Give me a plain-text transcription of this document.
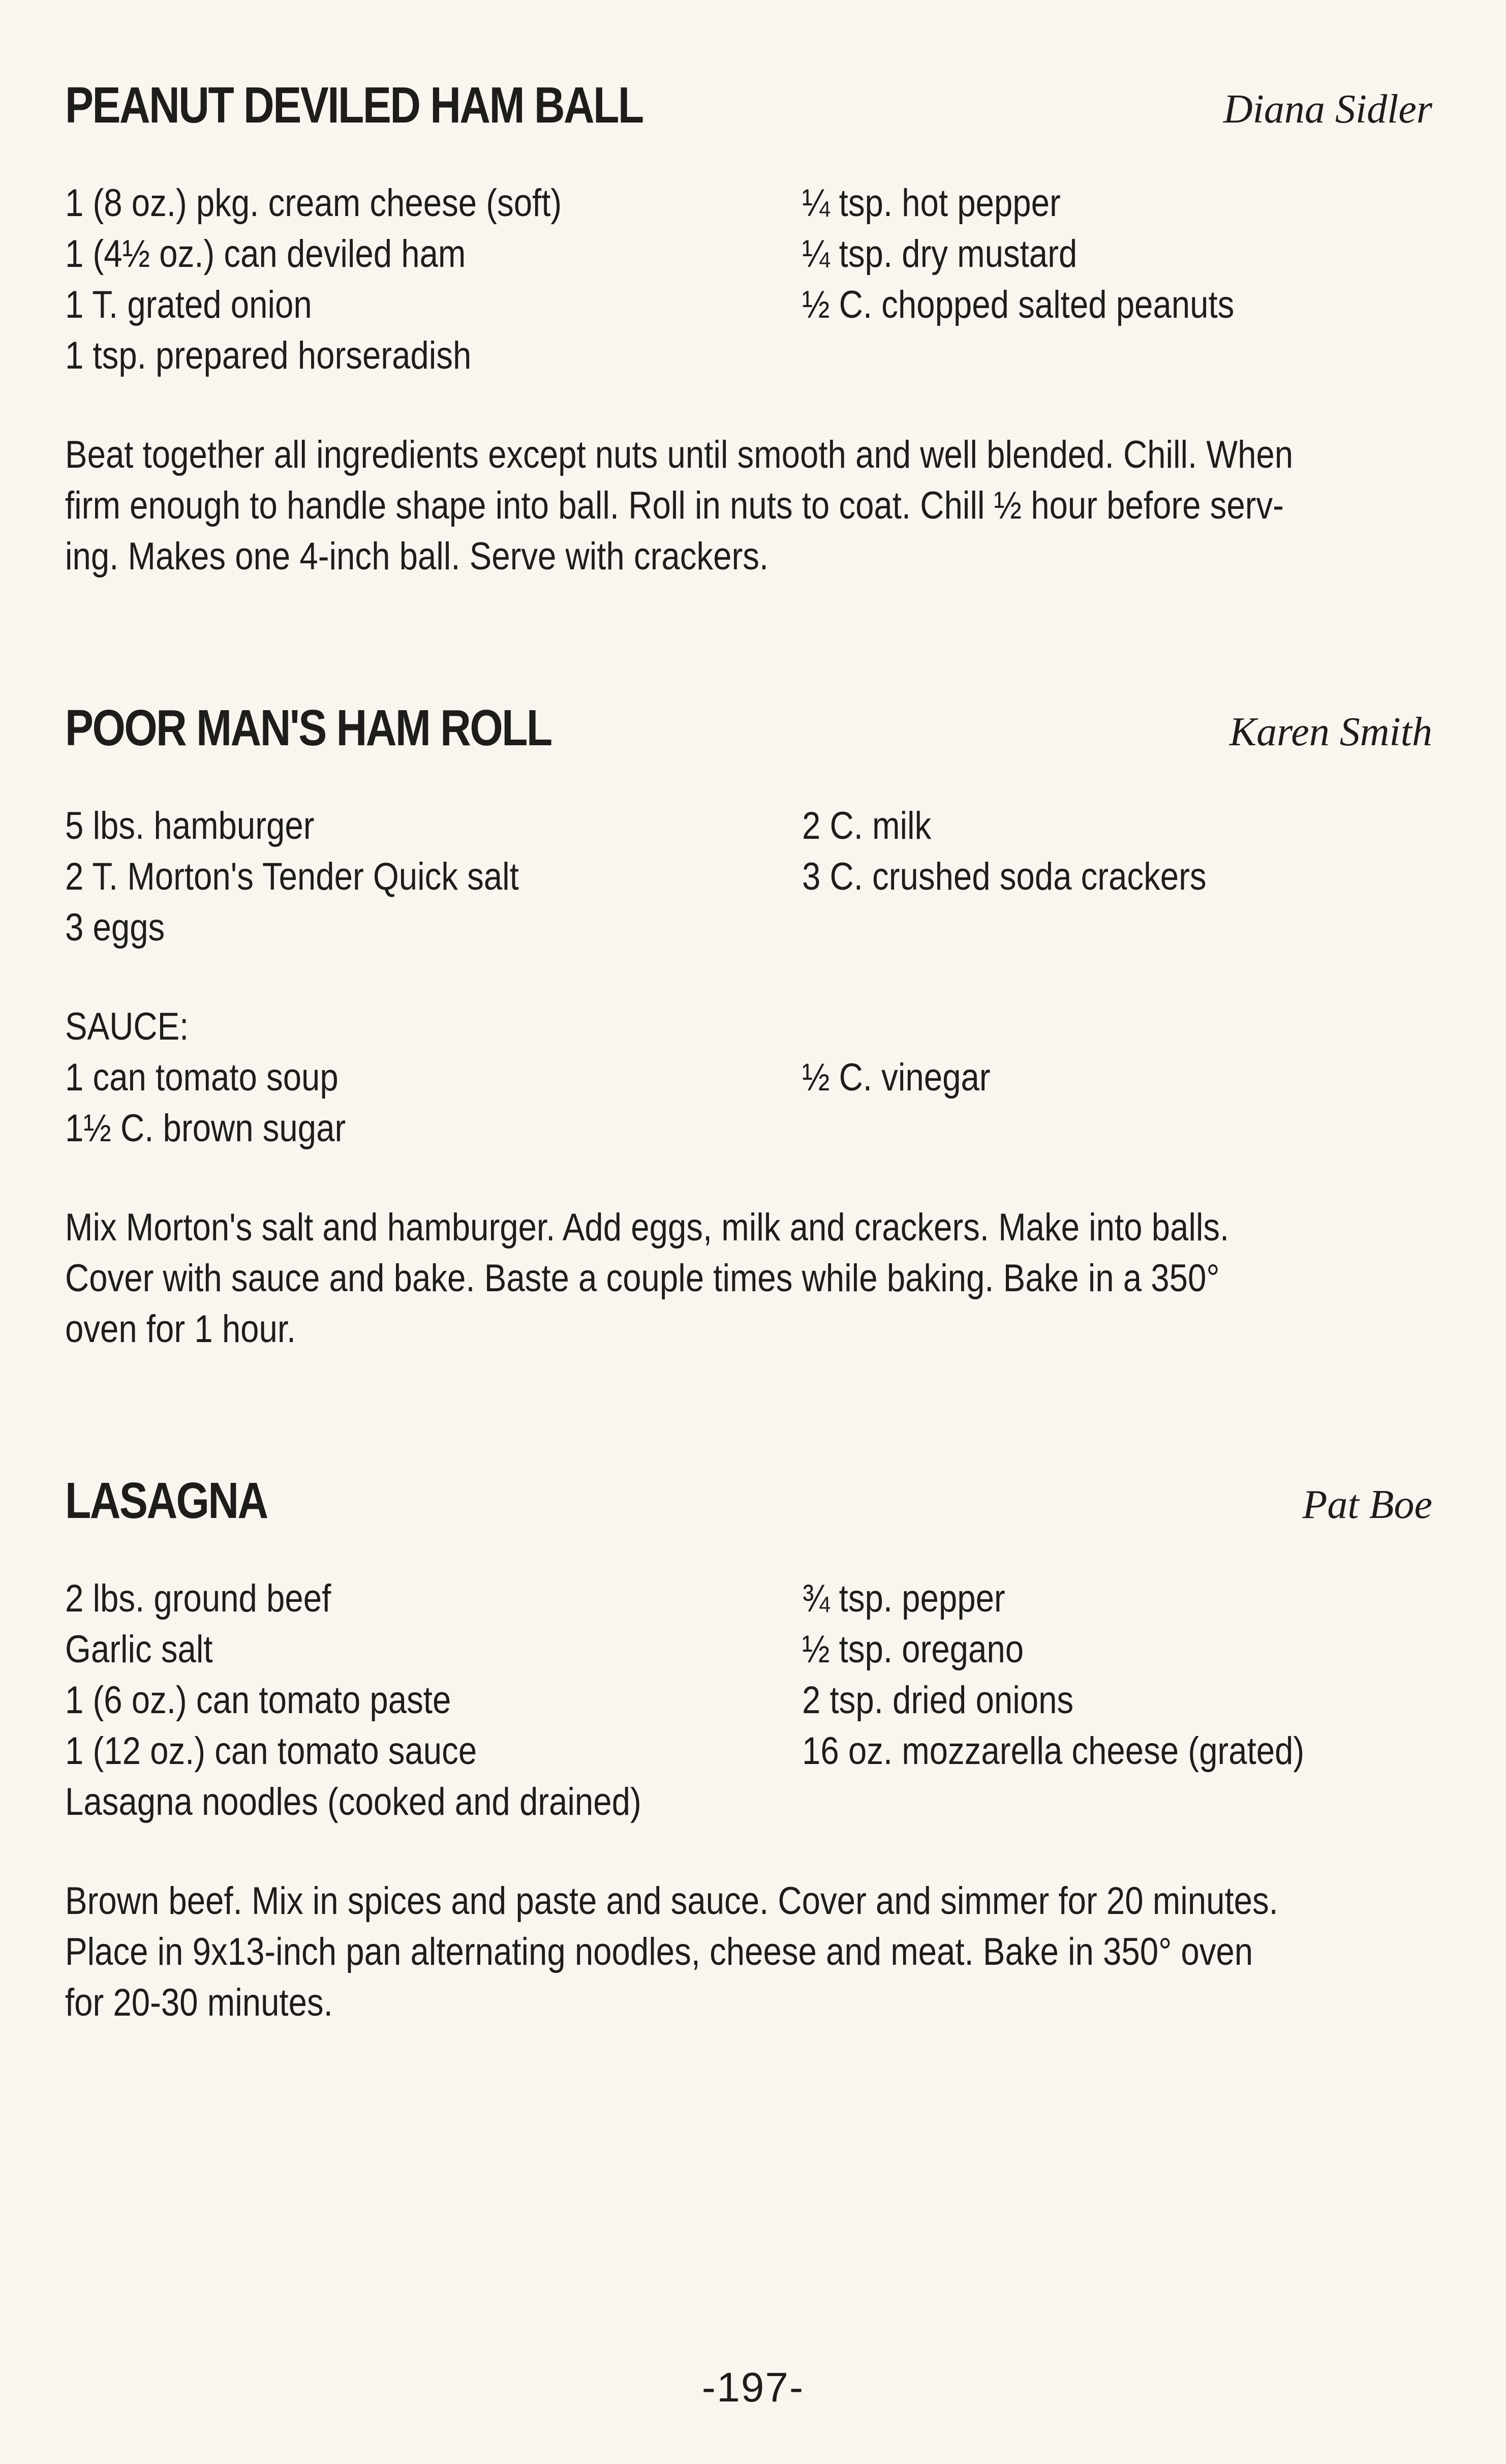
PEANUT DEVILED HAM BALL	Diana Sidler
1 (8 oz.) pkg. cream cheese (soft)
1 (4½ oz.) can deviled ham
1 T. grated onion
1 tsp. prepared horseradish
¼ tsp. hot pepper
¼ tsp. dry mustard
½ C. chopped salted peanuts
Beat together all ingredients except nuts until smooth and well blended. Chill. When
firm enough to handle shape into ball. Roll in nuts to coat. Chill ½ hour before serv-
ing. Makes one 4-inch ball. Serve with crackers.
POOR MAN'S HAM ROLL	Karen Smith
5 lbs. hamburger
2 T. Morton's Tender Quick salt
3 eggs
2 C. milk
3 C. crushed soda crackers
SAUCE:
1 can tomato soup
1½ C. brown sugar
½ C. vinegar
Mix Morton's salt and hamburger. Add eggs, milk and crackers. Make into balls.
Cover with sauce and bake. Baste a couple times while baking. Bake in a 350°
oven for 1 hour.
LASAGNA	Pat Boe
2 lbs. ground beef
Garlic salt
1 (6 oz.) can tomato paste
1 (12 oz.) can tomato sauce
Lasagna noodles (cooked and drained)
¾ tsp. pepper
½ tsp. oregano
2 tsp. dried onions
16 oz. mozzarella cheese (grated)
Brown beef. Mix in spices and paste and sauce. Cover and simmer for 20 minutes.
Place in 9x13-inch pan alternating noodles, cheese and meat. Bake in 350° oven
for 20-30 minutes.
-197-
